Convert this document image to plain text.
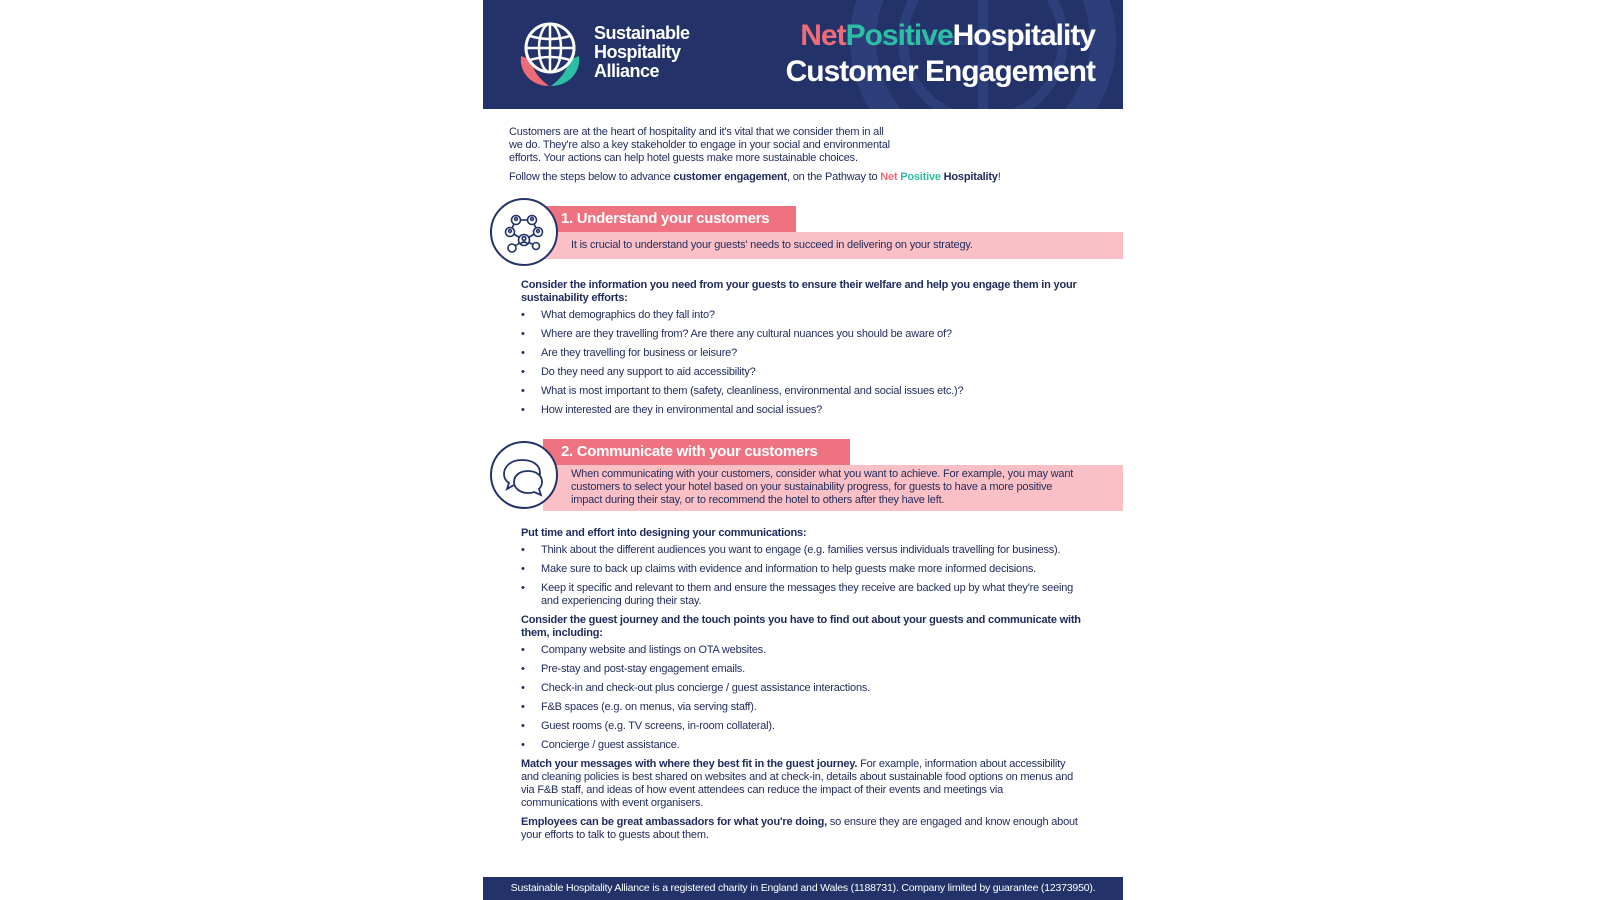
Sustainable
Hospitality
Alliance
NetPositiveHospitality
Customer Engagement

Customers are at the heart of hospitality and it's vital that we consider them in all we do. They're also a key stakeholder to engage in your social and environmental efforts. Your actions can help hotel guests make more sustainable choices.

Follow the steps below to advance customer engagement, on the Pathway to Net Positive Hospitality!

1. Understand your customers
It is crucial to understand your guests' needs to succeed in delivering on your strategy.

Consider the information you need from your guests to ensure their welfare and help you engage them in your sustainability efforts:

• What demographics do they fall into?
• Where are they travelling from? Are there any cultural nuances you should be aware of?
• Are they travelling for business or leisure?
• Do they need any support to aid accessibility?
• What is most important to them (safety, cleanliness, environmental and social issues etc.)?
• How interested are they in environmental and social issues?
2. Communicate with your customers
When communicating with your customers, consider what you want to achieve. For example, you may want customers to select your hotel based on your sustainability progress, for guests to have a more positive impact during their stay, or to recommend the hotel to others after they have left.

Put time and effort into designing your communications:

• Think about the different audiences you want to engage (e.g. families versus individuals travelling for business).
• Make sure to back up claims with evidence and information to help guests make more informed decisions.
• Keep it specific and relevant to them and ensure the messages they receive are backed up by what they're seeing and experiencing during their stay.

Consider the guest journey and the touch points you have to find out about your guests and communicate with them, including:

• Company website and listings on OTA websites.
• Pre-stay and post-stay engagement emails.
• Check-in and check-out plus concierge / guest assistance interactions.
• F&B spaces (e.g. on menus, via serving staff).
• Guest rooms (e.g. TV screens, in-room collateral).
• Concierge / guest assistance.

Match your messages with where they best fit in the guest journey. For example, information about accessibility and cleaning policies is best shared on websites and at check-in, details about sustainable food options on menus and via F&B staff, and ideas of how event attendees can reduce the impact of their events and meetings via communications with event organisers.

Employees can be great ambassadors for what you're doing, so ensure they are engaged and know enough about your efforts to talk to guests about them.

Sustainable Hospitality Alliance is a registered charity in England and Wales (1188731). Company limited by guarantee (12373950).
